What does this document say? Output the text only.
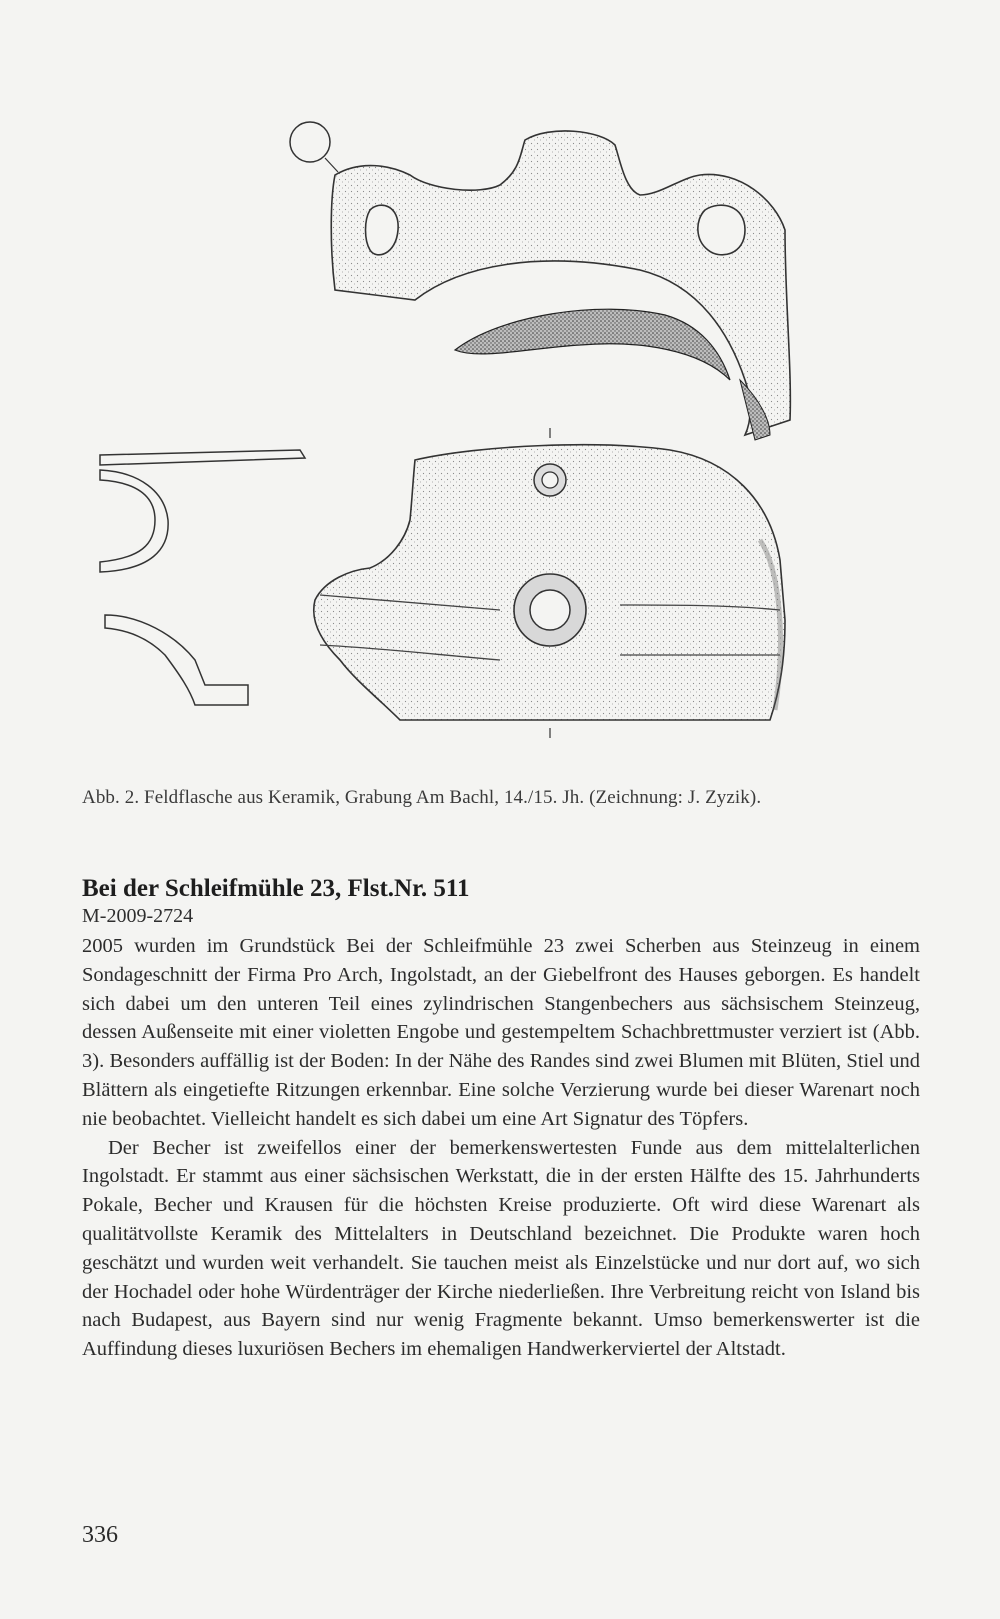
Abb. 2. Feldflasche aus Keramik, Grabung Am Bachl, 14./15. Jh. (Zeichnung: J. Zyzik).
Bei der Schleifmühle 23, Flst.Nr. 511
M-2009-2724

2005 wurden im Grundstück Bei der Schleifmühle 23 zwei Scherben aus Steinzeug in einem Sondageschnitt der Firma Pro Arch, Ingolstadt, an der Giebelfront des Hauses geborgen. Es handelt sich dabei um den unteren Teil eines zylindrischen Stangenbechers aus sächsischem Steinzeug, dessen Außenseite mit einer violetten Engobe und gestempeltem Schachbrettmuster verziert ist (Abb. 3). Besonders auffällig ist der Boden: In der Nähe des Randes sind zwei Blumen mit Blüten, Stiel und Blättern als eingetiefte Ritzungen erkennbar. Eine solche Verzierung wurde bei dieser Warenart noch nie beobachtet. Vielleicht handelt es sich dabei um eine Art Signatur des Töpfers.

Der Becher ist zweifellos einer der bemerkenswertesten Funde aus dem mittelalterlichen Ingolstadt. Er stammt aus einer sächsischen Werkstatt, die in der ersten Hälfte des 15. Jahrhunderts Pokale, Becher und Krausen für die höchsten Kreise produzierte. Oft wird diese Warenart als qualitätvollste Keramik des Mittelalters in Deutschland bezeichnet. Die Produkte waren hoch geschätzt und wurden weit verhandelt. Sie tauchen meist als Einzelstücke und nur dort auf, wo sich der Hochadel oder hohe Würdenträger der Kirche niederließen. Ihre Verbreitung reicht von Island bis nach Budapest, aus Bayern sind nur wenig Fragmente bekannt. Umso bemerkenswerter ist die Auffindung dieses luxuriösen Bechers im ehemaligen Handwerkerviertel der Altstadt.

336
